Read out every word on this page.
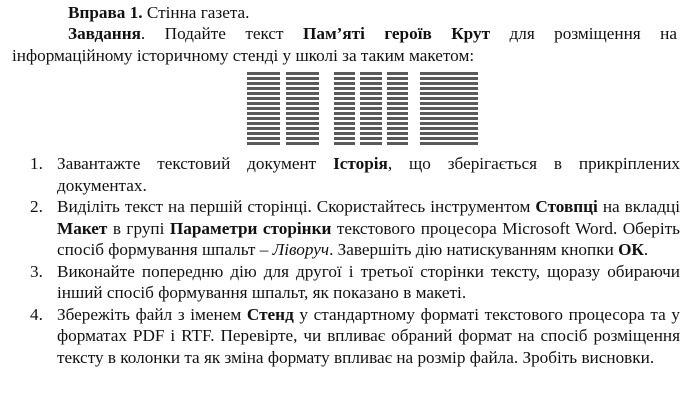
Вправа 1. Стінна газета.
Завдання. Подайте текст Пам’яті героїв Крут для розміщення на інформаційному історичному стенді у школі за таким макетом:
1. Завантажте текстовий документ Історія, що зберігається в прикріплених документах.
2. Виділіть текст на першій сторінці. Скористайтесь інструментом Стовпці на вкладці Макет в групі Параметри сторінки текстового процесора Microsoft Word. Оберіть спосіб формування шпальт – Ліворуч. Завершіть дію натискуванням кнопки ОК.
3. Виконайте попередню дію для другої і третьої сторінки тексту, щоразу обираючи інший спосіб формування шпальт, як показано в макеті.
4. Збережіть файл з іменем Стенд у стандартному форматі текстового процесора та у форматах PDF і RTF. Перевірте, чи впливає обраний формат на спосіб розміщення тексту в колонки та як зміна формату впливає на розмір файла. Зробіть висновки.
